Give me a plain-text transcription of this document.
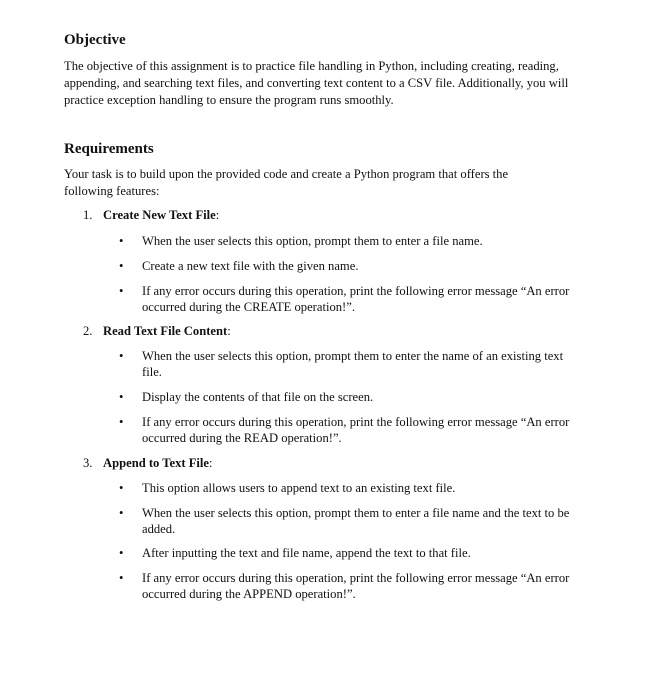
Objective

The objective of this assignment is to practice file handling in Python, including creating, reading, appending, and searching text files, and converting text content to a CSV file. Additionally, you will practice exception handling to ensure the program runs smoothly.

Requirements

Your task is to build upon the provided code and create a Python program that offers the following features:

1. Create New Text File:

•	When the user selects this option, prompt them to enter a file name.
•	Create a new text file with the given name.
•	If any error occurs during this operation, print the following error message “An error occurred during the CREATE operation!”.

2. Read Text File Content:

•	When the user selects this option, prompt them to enter the name of an existing text file.
•	Display the contents of that file on the screen.
•	If any error occurs during this operation, print the following error message “An error occurred during the READ operation!”.

3. Append to Text File:

•	This option allows users to append text to an existing text file.
•	When the user selects this option, prompt them to enter a file name and the text to be added.
•	After inputting the text and file name, append the text to that file.
•	If any error occurs during this operation, print the following error message “An error occurred during the APPEND operation!”.
